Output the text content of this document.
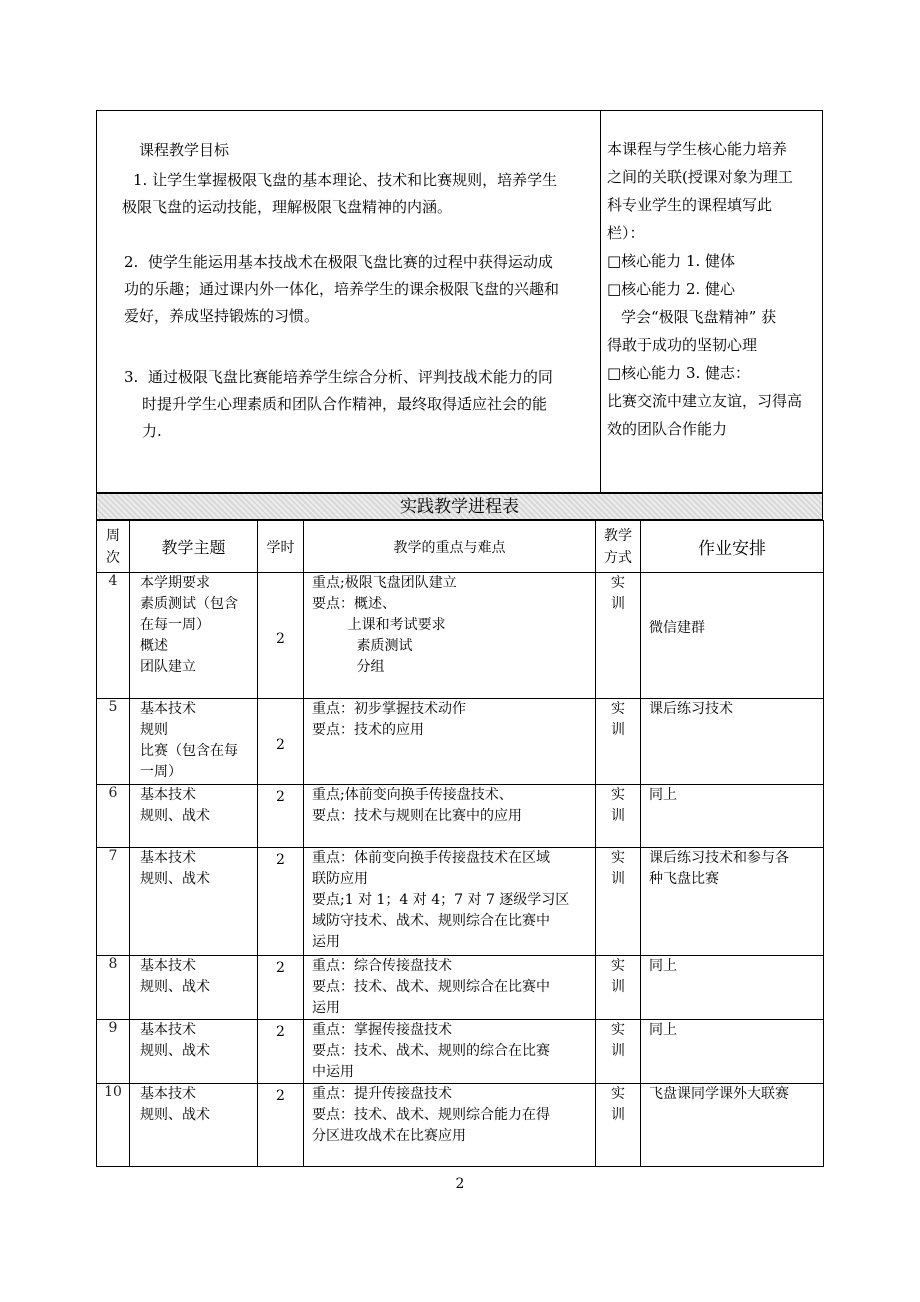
课程教学目标
1. 让学生掌握极限飞盘的基本理论、技术和比赛规则，培养学生
极限飞盘的运动技能，理解极限飞盘精神的内涵。
2.  使学生能运用基本技战术在极限飞盘比赛的过程中获得运动成
功的乐趣；通过课内外一体化，培养学生的课余极限飞盘的兴趣和
爱好，养成坚持锻炼的习惯。
3.  通过极限飞盘比赛能培养学生综合分析、评判技战术能力的同
时提升学生心理素质和团队合作精神，最终取得适应社会的能
力.

本课程与学生核心能力培养

之间的关联(授课对象为理工

科专业学生的课程填写此

栏）：

□核心能力 1. 健体

□核心能力 2. 健心

学会“极限飞盘精神” 获

得敢于成功的坚韧心理

□核心能力 3. 健志：

比赛交流中建立友谊，习得高

效的团队合作能力

实践教学进程表
周
次	教学主题	学时	教学的重点与难点	教学
方式	作业安排
4	本学期要求
素质测试（包含
在每一周）
概述
团队建立	2	重点;极限飞盘团队建立
要点：概述、
上课和考试要求
素质测试
分组	实
训	微信建群

5	基本技术
规则
比赛（包含在每
一周）	2	重点：初步掌握技术动作
要点：技术的应用	实
训	课后练习技术

6	基本技术
规则、战术	2	重点;体前变向换手传接盘技术、
要点：技术与规则在比赛中的应用	实
训	同上

7	基本技术
规则、战术	2	重点：体前变向换手传接盘技术在区域
联防应用
要点;1 对 1；4 对 4；7 对 7 逐级学习区
域防守技术、战术、规则综合在比赛中
运用	实
训	课后练习技术和参与各
种飞盘比赛

8	基本技术
规则、战术	2	重点：综合传接盘技术
要点：技术、战术、规则综合在比赛中
运用	实
训	同上

9	基本技术
规则、战术	2	重点：掌握传接盘技术
要点：技术、战术、规则的综合在比赛
中运用	实
训	同上

10	基本技术
规则、战术	2	重点：提升传接盘技术
要点：技术、战术、规则综合能力在得
分区进攻战术在比赛应用	实
训	飞盘课同学课外大联赛
2
